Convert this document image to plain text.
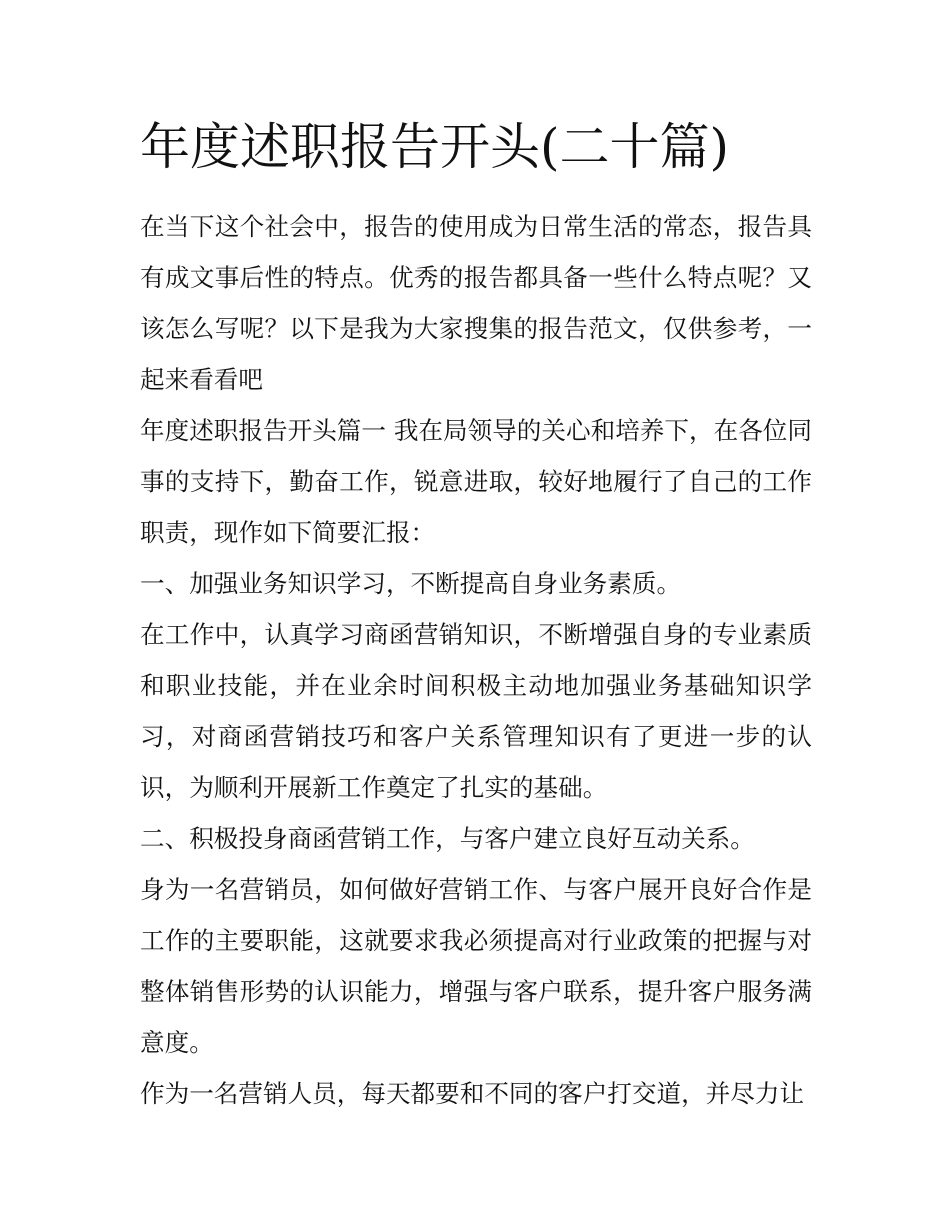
年度述职报告开头(二十篇)

在当下这个社会中，报告的使用成为日常生活的常态，报告具有成文事后性的特点。优秀的报告都具备一些什么特点呢？又该怎么写呢？以下是我为大家搜集的报告范文，仅供参考，一起来看看吧

年度述职报告开头篇一 我在局领导的关心和培养下，在各位同事的支持下，勤奋工作，锐意进取，较好地履行了自己的工作职责，现作如下简要汇报：

一、加强业务知识学习，不断提高自身业务素质。

在工作中，认真学习商函营销知识，不断增强自身的专业素质和职业技能，并在业余时间积极主动地加强业务基础知识学习，对商函营销技巧和客户关系管理知识有了更进一步的认识，为顺利开展新工作奠定了扎实的基础。

二、积极投身商函营销工作，与客户建立良好互动关系。

身为一名营销员，如何做好营销工作、与客户展开良好合作是工作的主要职能，这就要求我必须提高对行业政策的把握与对整体销售形势的认识能力，增强与客户联系，提升客户服务满意度。

作为一名营销人员，每天都要和不同的客户打交道，并尽力让
